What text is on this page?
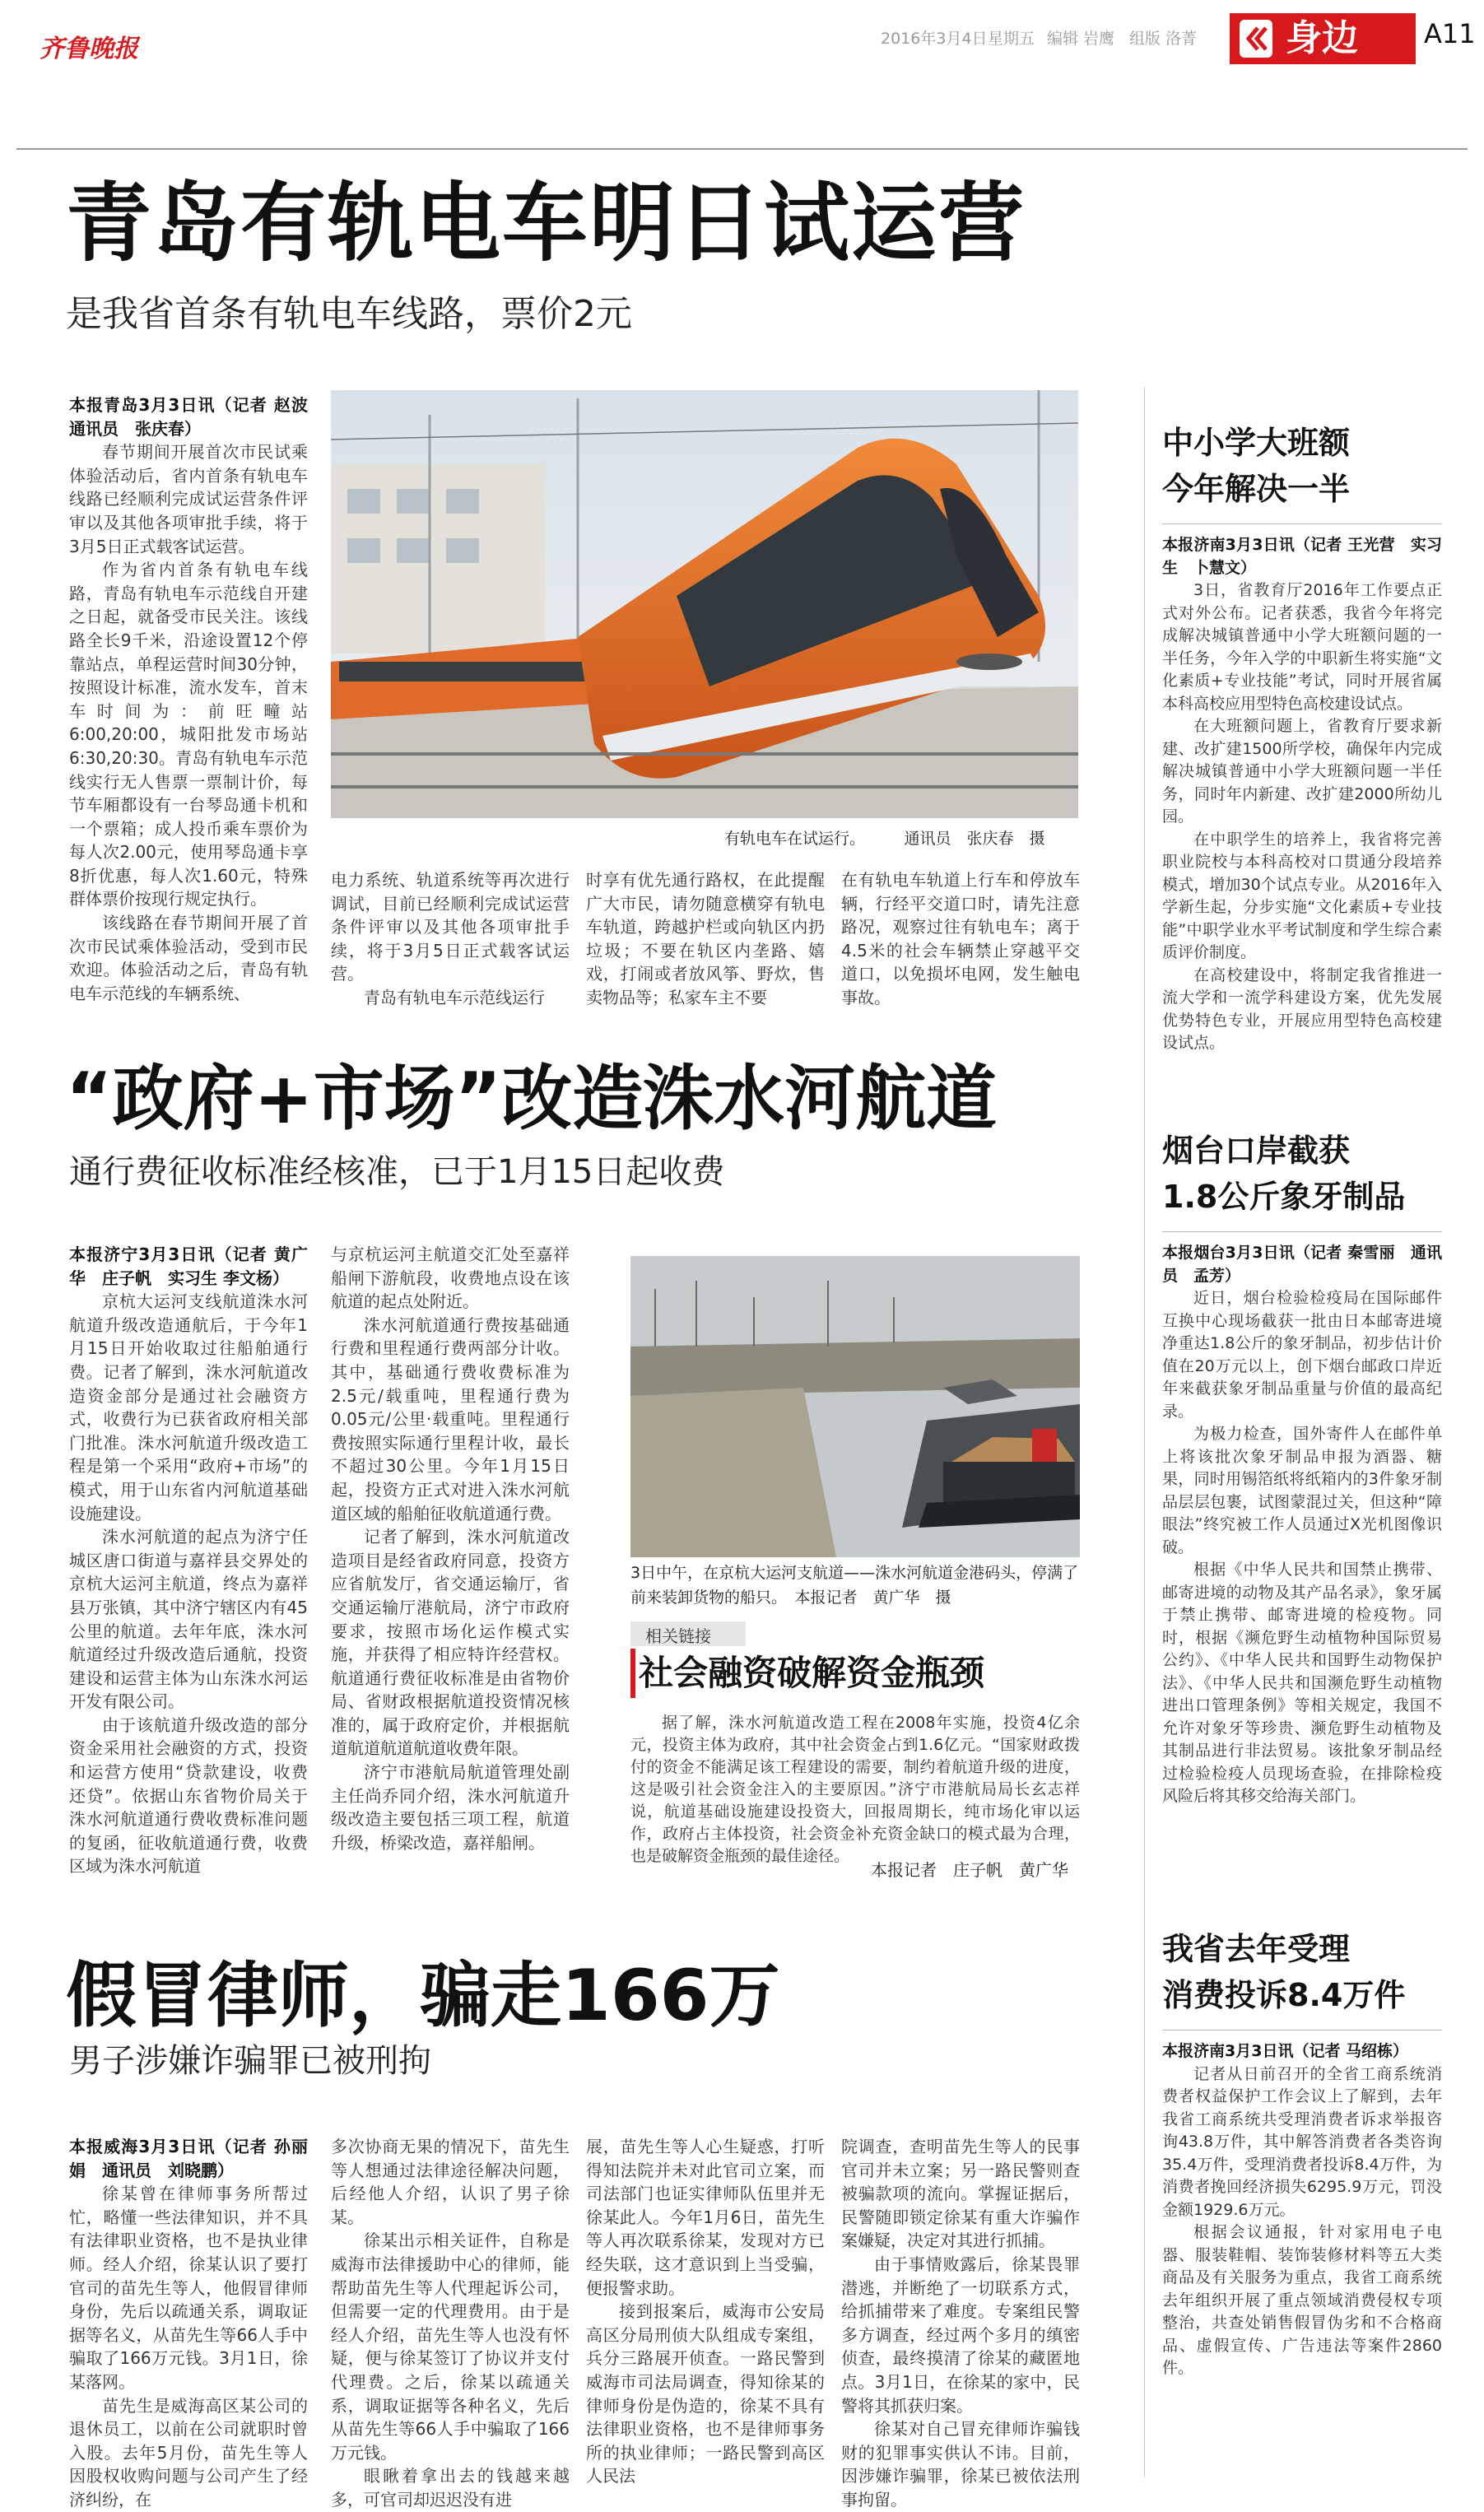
齐鲁晚报	2016年3月4日 星期五 编辑 岩鹰 组版 洛菁 身边	A11
青岛有轨电车明日试运营
是我省首条有轨电车线路，票价2元

本报青岛3月3日讯（记者 赵波　通讯员　张庆春）

春节期间开展首次市民试乘体验活动后，省内首条有轨电车线路已经顺利完成试运营条件评审以及其他各项审批手续，将于3月5日正式载客试运营。

作为省内首条有轨电车线路，青岛有轨电车示范线自开建之日起，就备受市民关注。该线路全长9千米，沿途设置12个停靠站点，单程运营时间30分钟，按照设计标准，流水发车，首末车时间为：前旺疃站6:00,20:00，城阳批发市场站6:30,20:30。青岛有轨电车示范线实行无人售票一票制计价，每节车厢都设有一台琴岛通卡机和一个票箱；成人投币乘车票价为每人次2.00元，使用琴岛通卡享8折优惠，每人次1.60元，特殊群体票价按现行规定执行。

该线路在春节期间开展了首次市民试乘体验活动，受到市民欢迎。体验活动之后，青岛有轨电车示范线的车辆系统、

有轨电车在试运行。　　　通讯员　张庆春　摄

电力系统、轨道系统等再次进行调试，目前已经顺利完成试运营条件评审以及其他各项审批手续，将于3月5日正式载客试运营。

青岛有轨电车示范线运行

时享有优先通行路权，在此提醒广大市民，请勿随意横穿有轨电车轨道，跨越护栏或向轨区内扔垃圾；不要在轨区内垄路、嬉戏，打闹或者放风筝、野炊，售卖物品等；私家车主不要

在有轨电车轨道上行车和停放车辆，行经平交道口时，请先注意路况，观察过往有轨电车；离于4.5米的社会车辆禁止穿越平交道口，以免损坏电网，发生触电事故。

“政府+市场”改造洙水河航道
通行费征收标准经核准，已于1月15日起收费

本报济宁3月3日讯（记者 黄广华　庄子帆　实习生 李文杨）

京杭大运河支线航道洙水河航道升级改造通航后，于今年1月15日开始收取过往船舶通行费。记者了解到，洙水河航道改造资金部分是通过社会融资方式，收费行为已获省政府相关部门批准。洙水河航道升级改造工程是第一个采用“政府+市场”的模式，用于山东省内河航道基础设施建设。

洙水河航道的起点为济宁任城区唐口街道与嘉祥县交界处的京杭大运河主航道，终点为嘉祥县万张镇，其中济宁辖区内有45公里的航道。去年年底，洙水河航道经过升级改造后通航，投资建设和运营主体为山东洙水河运开发有限公司。

由于该航道升级改造的部分资金采用社会融资的方式，投资和运营方使用“贷款建设，收费还贷”。依据山东省物价局关于洙水河航道通行费收费标准问题的复函，征收航道通行费，收费区域为洙水河航道

与京杭运河主航道交汇处至嘉祥船闸下游航段，收费地点设在该航道的起点处附近。

洙水河航道通行费按基础通行费和里程通行费两部分计收。其中，基础通行费收费标准为2.5元/载重吨，里程通行费为0.05元/公里·载重吨。里程通行费按照实际通行里程计收，最长不超过30公里。今年1月15日起，投资方正式对进入洙水河航道区域的船舶征收航道通行费。

记者了解到，洙水河航道改造项目是经省政府同意，投资方应省航发厅，省交通运输厅，省交通运输厅港航局，济宁市政府要求，按照市场化运作模式实施，并获得了相应特许经营权。航道通行费征收标准是由省物价局、省财政根据航道投资情况核准的，属于政府定价，并根据航道航道航道航道收费年限。

济宁市港航局航道管理处副主任尚乔同介绍，洙水河航道升级改造主要包括三项工程，航道升级，桥梁改造，嘉祥船闸。

3日中午，在京杭大运河支航道——洙水河航道金港码头，停满了前来装卸货物的船只。　本报记者　黄广华　摄
相关链接
社会融资破解资金瓶颈

据了解，洙水河航道改造工程在2008年实施，投资4亿余元，投资主体为政府，其中社会资金占到1.6亿元。“国家财政拨付的资金不能满足该工程建设的需要，制约着航道升级的进度，这是吸引社会资金注入的主要原因。”济宁市港航局局长玄志祥说，航道基础设施建设投资大，回报周期长，纯市场化审以运作，政府占主体投资，社会资金补充资金缺口的模式最为合理，也是破解资金瓶颈的最佳途径。

本报记者　庄子帆　黄广华
假冒律师，骗走166万
男子涉嫌诈骗罪已被刑拘

本报威海3月3日讯（记者 孙丽娟　通讯员　刘晓鹏）

徐某曾在律师事务所帮过忙，略懂一些法律知识，并不具有法律职业资格，也不是执业律师。经人介绍，徐某认识了要打官司的苗先生等人，他假冒律师身份，先后以疏通关系，调取证据等名义，从苗先生等66人手中骗取了166万元钱。3月1日，徐某落网。

苗先生是威海高区某公司的退休员工，以前在公司就职时曾入股。去年5月份，苗先生等人因股权收购问题与公司产生了经济纠纷，在

多次协商无果的情况下，苗先生等人想通过法律途径解决问题，后经他人介绍，认识了男子徐某。

徐某出示相关证件，自称是威海市法律援助中心的律师，能帮助苗先生等人代理起诉公司，但需要一定的代理费用。由于是经人介绍，苗先生等人也没有怀疑，便与徐某签订了协议并支付代理费。之后，徐某以疏通关系，调取证据等各种名义，先后从苗先生等66人手中骗取了166万元钱。

眼瞅着拿出去的钱越来越多，可官司却迟迟没有进

展，苗先生等人心生疑惑，打听得知法院并未对此官司立案，而司法部门也证实律师队伍里并无徐某此人。今年1月6日，苗先生等人再次联系徐某，发现对方已经失联，这才意识到上当受骗，便报警求助。

接到报案后，威海市公安局高区分局刑侦大队组成专案组，兵分三路展开侦查。一路民警到威海市司法局调查，得知徐某的律师身份是伪造的，徐某不具有法律职业资格，也不是律师事务所的执业律师；一路民警到高区人民法

院调查，查明苗先生等人的民事官司并未立案；另一路民警则查被骗款项的流向。掌握证据后，民警随即锁定徐某有重大诈骗作案嫌疑，决定对其进行抓捕。

由于事情败露后，徐某畏罪潜逃，并断绝了一切联系方式，给抓捕带来了难度。专案组民警多方调查，经过两个多月的缜密侦查，最终摸清了徐某的藏匿地点。3月1日，在徐某的家中，民警将其抓获归案。

徐某对自己冒充律师诈骗钱财的犯罪事实供认不讳。目前，因涉嫌诈骗罪，徐某已被依法刑事拘留。

中小学大班额
今年解决一半

本报济南3月3日讯（记者 王光营　实习生　卜慧文）

3日，省教育厅2016年工作要点正式对外公布。记者获悉，我省今年将完成解决城镇普通中小学大班额问题的一半任务，今年入学的中职新生将实施“文化素质+专业技能”考试，同时开展省属本科高校应用型特色高校建设试点。

在大班额问题上，省教育厅要求新建、改扩建1500所学校，确保年内完成解决城镇普通中小学大班额问题一半任务，同时年内新建、改扩建2000所幼儿园。

在中职学生的培养上，我省将完善职业院校与本科高校对口贯通分段培养模式，增加30个试点专业。从2016年入学新生起，分步实施“文化素质+专业技能”中职学业水平考试制度和学生综合素质评价制度。

在高校建设中，将制定我省推进一流大学和一流学科建设方案，优先发展优势特色专业，开展应用型特色高校建设试点。

烟台口岸截获
1.8公斤象牙制品

本报烟台3月3日讯（记者 秦雪丽　通讯员　孟芳）

近日，烟台检验检疫局在国际邮件互换中心现场截获一批由日本邮寄进境净重达1.8公斤的象牙制品，初步估计价值在20万元以上，创下烟台邮政口岸近年来截获象牙制品重量与价值的最高纪录。

为极力检查，国外寄件人在邮件单上将该批次象牙制品申报为酒器、糖果，同时用锡箔纸将纸箱内的3件象牙制品层层包裹，试图蒙混过关，但这种“障眼法”终究被工作人员通过X光机图像识破。

根据《中华人民共和国禁止携带、邮寄进境的动物及其产品名录》，象牙属于禁止携带、邮寄进境的检疫物。同时，根据《濒危野生动植物种国际贸易公约》、《中华人民共和国野生动物保护法》、《中华人民共和国濒危野生动植物进出口管理条例》等相关规定，我国不允许对象牙等珍贵、濒危野生动植物及其制品进行非法贸易。该批象牙制品经过检验检疫人员现场查验，在排除检疫风险后将其移交给海关部门。

我省去年受理
消费投诉8.4万件

本报济南3月3日讯（记者 马绍栋）

记者从日前召开的全省工商系统消费者权益保护工作会议上了解到，去年我省工商系统共受理消费者诉求举报咨询43.8万件，其中解答消费者各类咨询35.4万件，受理消费者投诉8.4万件，为消费者挽回经济损失6295.9万元，罚没金额1929.6万元。

根据会议通报，针对家用电子电器、服装鞋帽、装饰装修材料等五大类商品及有关服务为重点，我省工商系统去年组织开展了重点领域消费侵权专项整治，共查处销售假冒伪劣和不合格商品、虚假宣传、广告违法等案件2860件。
